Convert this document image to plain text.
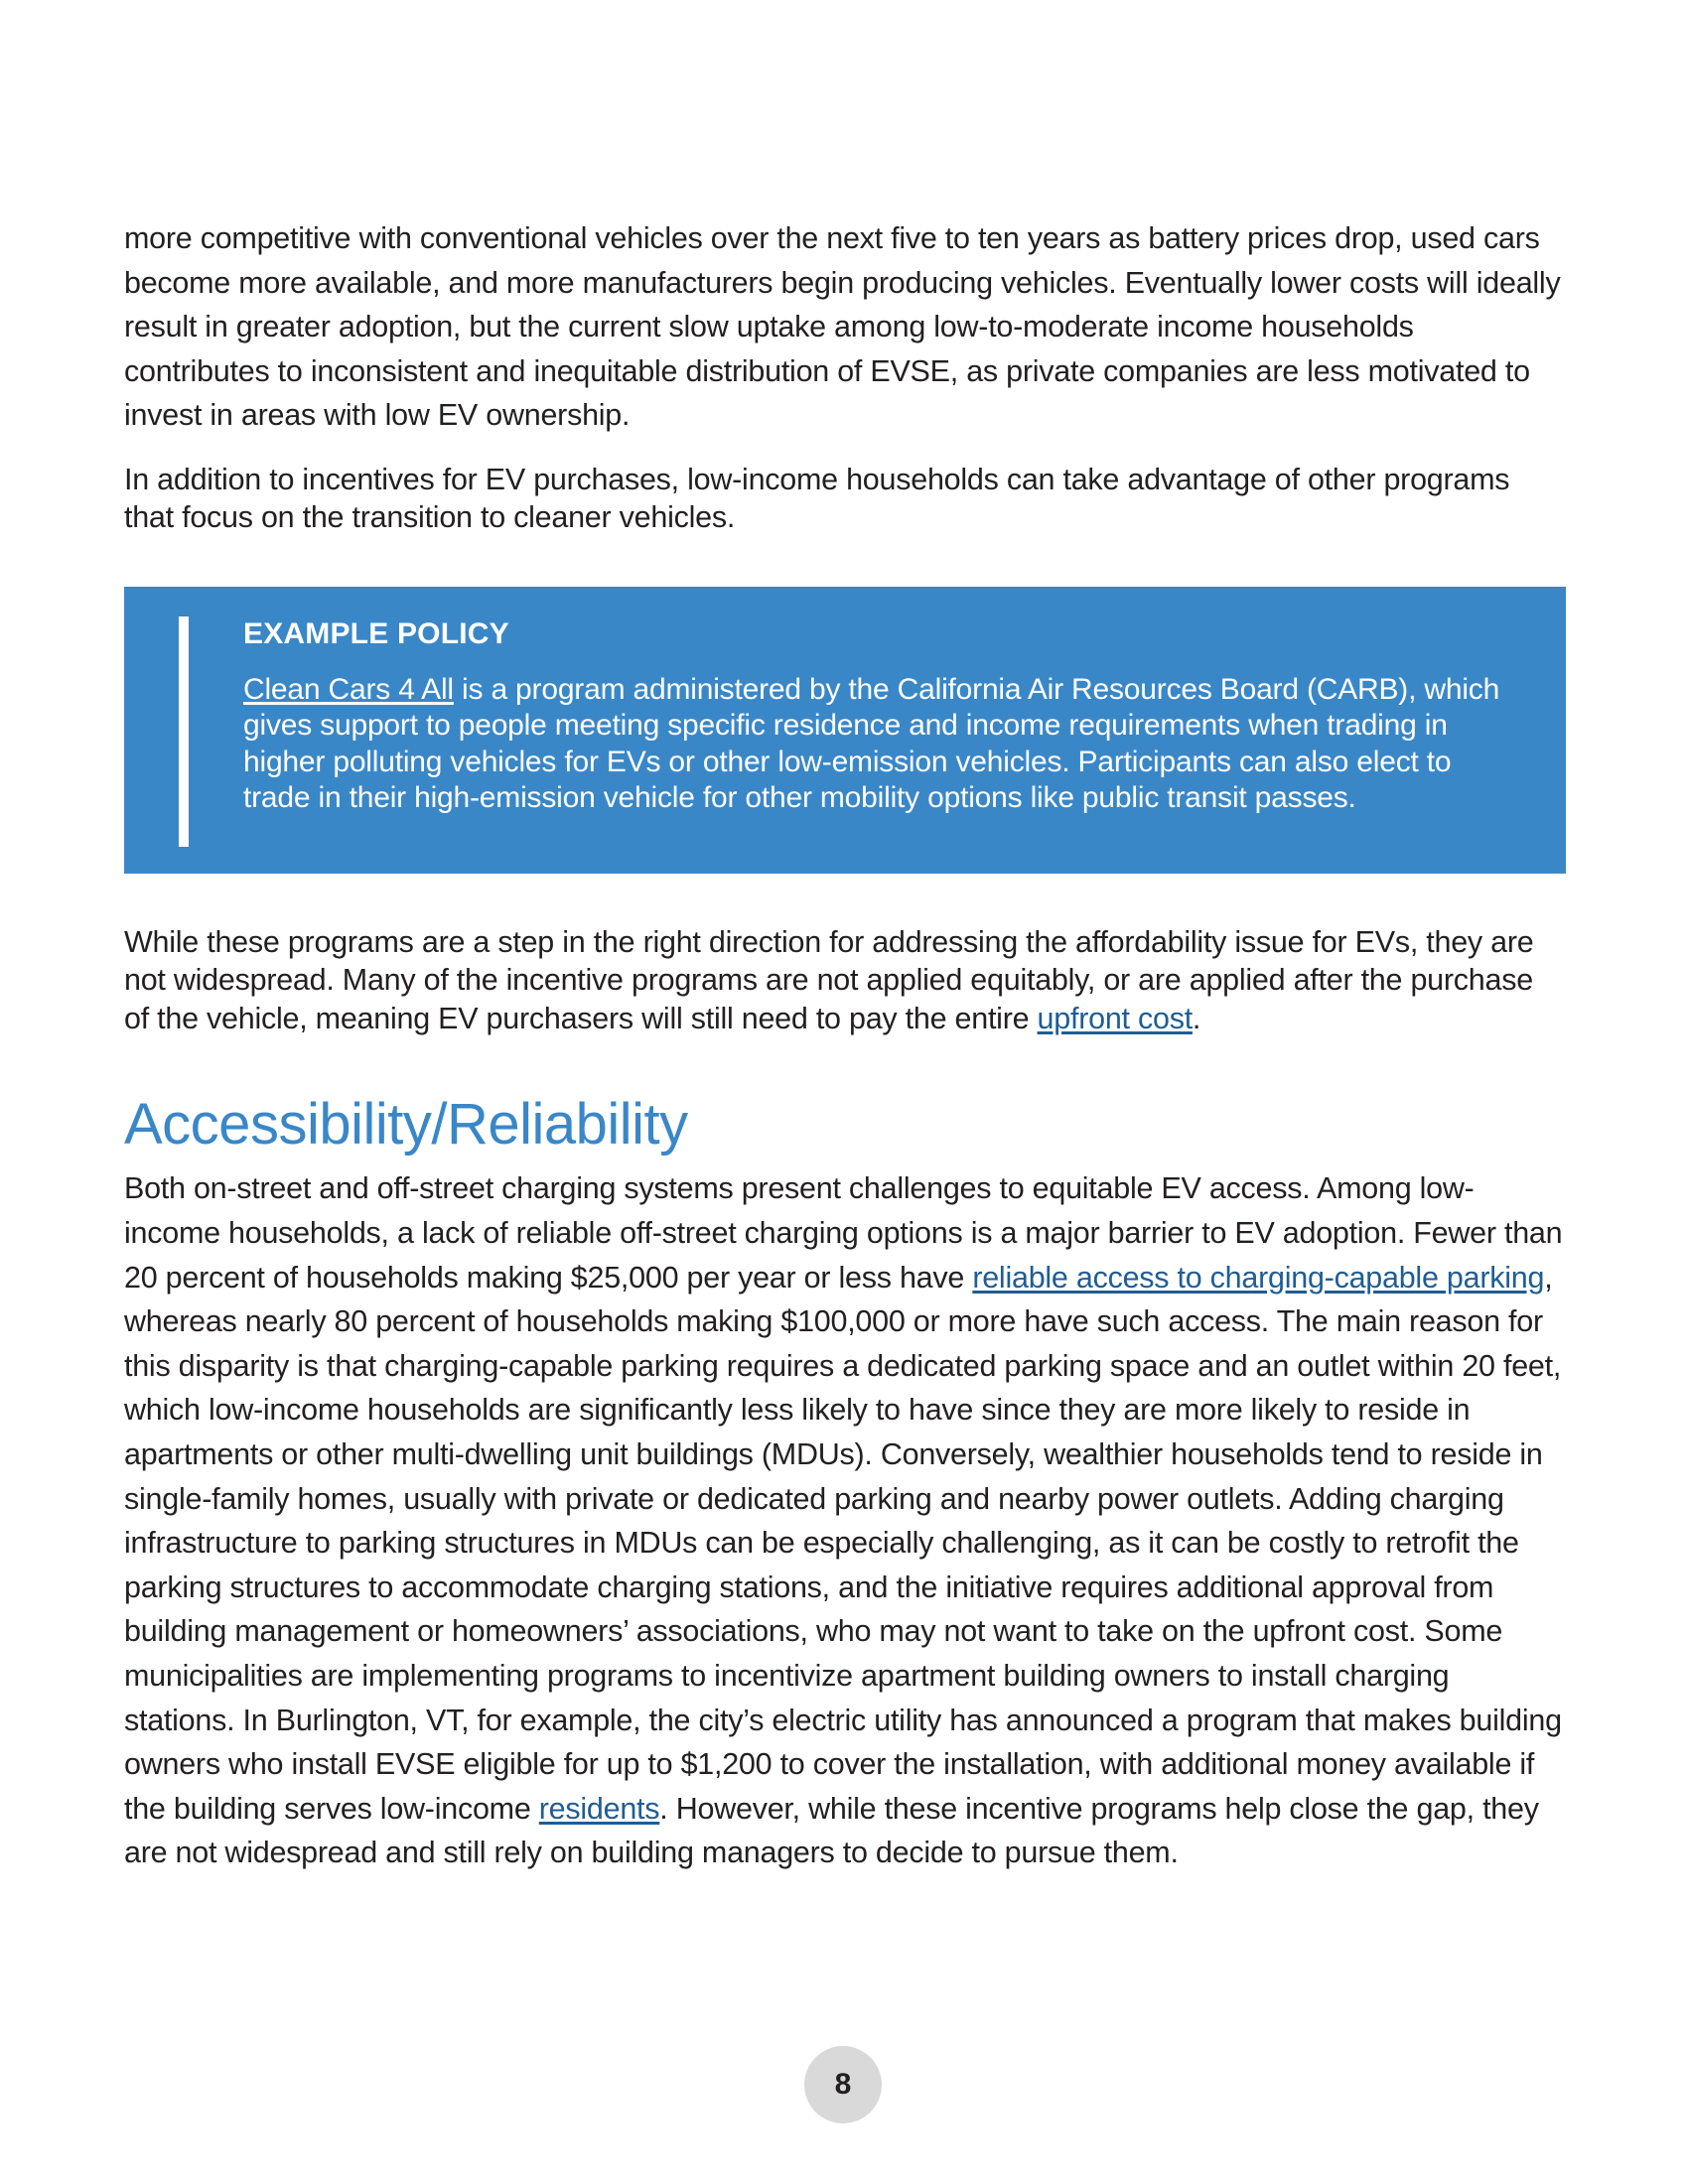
more competitive with conventional vehicles over the next five to ten years as battery prices drop, used cars become more available, and more manufacturers begin producing vehicles. Eventually lower costs will ideally result in greater adoption, but the current slow uptake among low-to-moderate income households contributes to inconsistent and inequitable distribution of EVSE, as private companies are less motivated to invest in areas with low EV ownership.

In addition to incentives for EV purchases, low-income households can take advantage of other programs that focus on the transition to cleaner vehicles.

EXAMPLE POLICY

Clean Cars 4 All is a program administered by the California Air Resources Board (CARB), which gives support to people meeting specific residence and income requirements when trading in higher polluting vehicles for EVs or other low-emission vehicles. Participants can also elect to trade in their high-emission vehicle for other mobility options like public transit passes.

While these programs are a step in the right direction for addressing the affordability issue for EVs, they are not widespread. Many of the incentive programs are not applied equitably, or are applied after the purchase of the vehicle, meaning EV purchasers will still need to pay the entire upfront cost.

Accessibility/Reliability

Both on-street and off-street charging systems present challenges to equitable EV access. Among low-income households, a lack of reliable off-street charging options is a major barrier to EV adoption. Fewer than 20 percent of households making $25,000 per year or less have reliable access to charging-capable parking, whereas nearly 80 percent of households making $100,000 or more have such access. The main reason for this disparity is that charging-capable parking requires a dedicated parking space and an outlet within 20 feet, which low-income households are significantly less likely to have since they are more likely to reside in apartments or other multi-dwelling unit buildings (MDUs). Conversely, wealthier households tend to reside in single-family homes, usually with private or dedicated parking and nearby power outlets. Adding charging infrastructure to parking structures in MDUs can be especially challenging, as it can be costly to retrofit the parking structures to accommodate charging stations, and the initiative requires additional approval from building management or homeowners’ associations, who may not want to take on the upfront cost. Some municipalities are implementing programs to incentivize apartment building owners to install charging stations. In Burlington, VT, for example, the city’s electric utility has announced a program that makes building owners who install EVSE eligible for up to $1,200 to cover the installation, with additional money available if the building serves low-income residents. However, while these incentive programs help close the gap, they are not widespread and still rely on building managers to decide to pursue them.

8
